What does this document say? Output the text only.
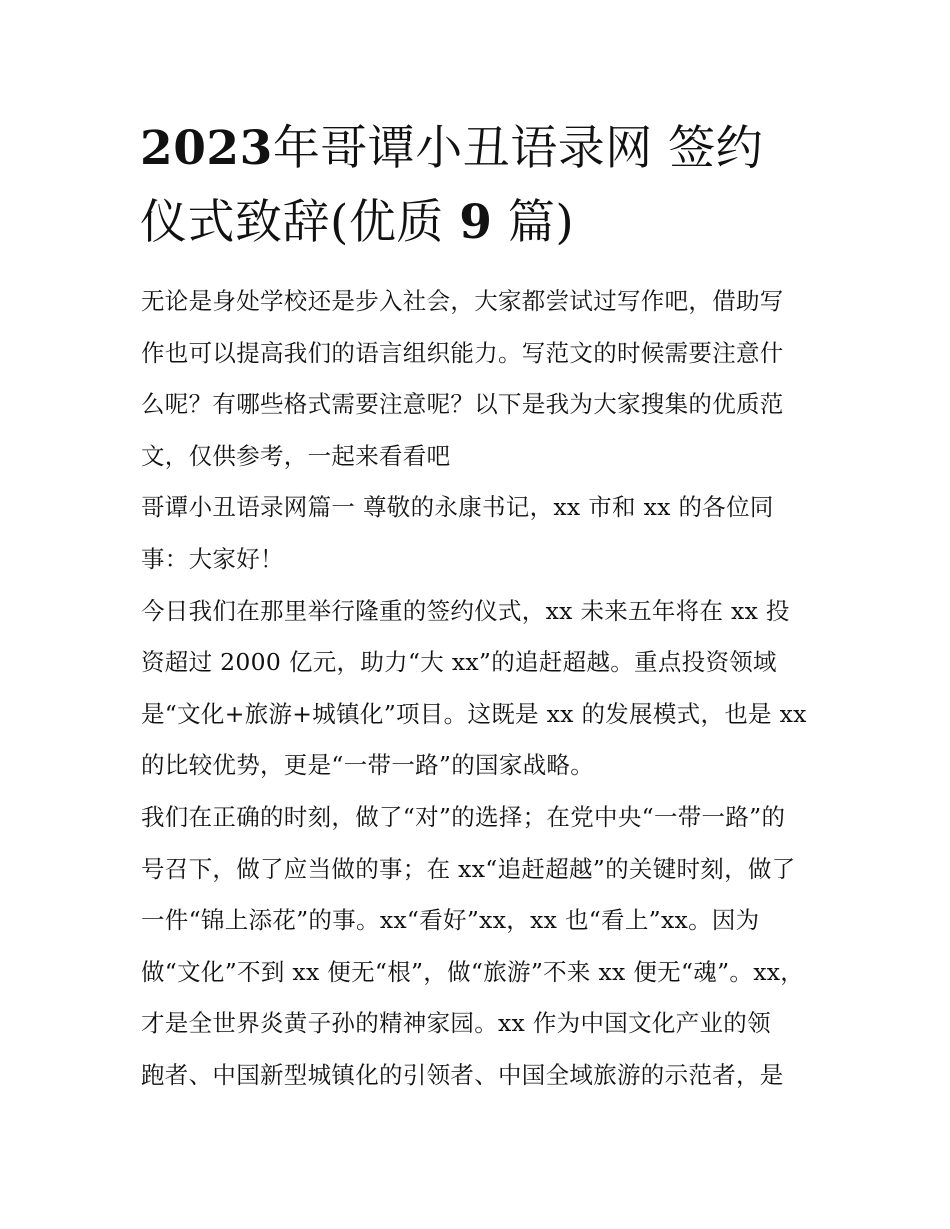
2023年哥谭小丑语录网 签约
仪式致辞(优质 9 篇)
无论是身处学校还是步入社会，大家都尝试过写作吧，借助写
作也可以提高我们的语言组织能力。写范文的时候需要注意什
么呢？有哪些格式需要注意呢？以下是我为大家搜集的优质范
文，仅供参考，一起来看看吧
哥谭小丑语录网篇一 尊敬的永康书记，xx 市和 xx 的各位同
事：大家好！
今日我们在那里举行隆重的签约仪式，xx 未来五年将在 xx 投
资超过 2000 亿元，助力“大 xx”的追赶超越。重点投资领域
是“文化+旅游+城镇化”项目。这既是 xx 的发展模式，也是 xx
的比较优势，更是“一带一路”的国家战略。
我们在正确的时刻，做了“对”的选择；在党中央“一带一路”的
号召下，做了应当做的事；在 xx“追赶超越”的关键时刻，做了
一件“锦上添花”的事。xx“看好”xx，xx 也“看上”xx。因为
做“文化”不到 xx 便无“根”，做“旅游”不来 xx 便无“魂”。xx，
才是全世界炎黄子孙的精神家园。xx 作为中国文化产业的领
跑者、中国新型城镇化的引领者、中国全域旅游的示范者，是
